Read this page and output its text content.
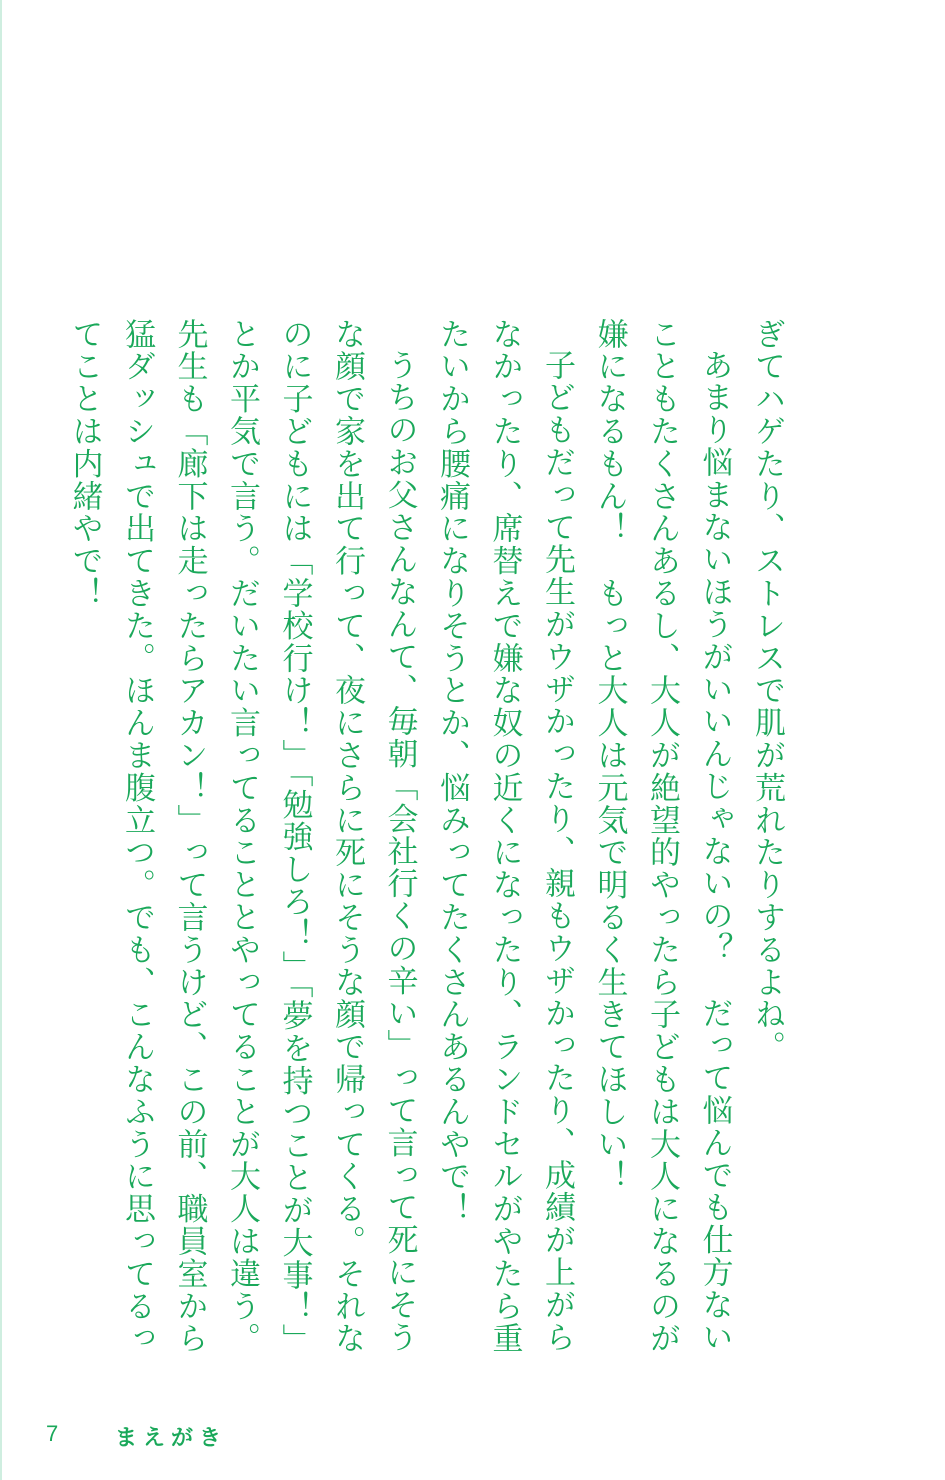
ぎてハゲたり、ストレスで肌が荒れたりするよね。

あまり悩まないほうがいいんじゃないの？　だって悩んでも仕方ないこともたくさんあるし、大人が絶望的やったら子どもは大人になるのが嫌になるもん！　もっと大人は元気で明るく生きてほしい！

子どもだって先生がウザかったり、親もウザかったり、成績が上がらなかったり、席替えで嫌な奴の近くになったり、ランドセルがやたら重たいから腰痛になりそうとか、悩みってたくさんあるんやで！

うちのお父さんなんて、毎朝「会社行くの辛い」って言って死にそうな顔で家を出て行って、夜にさらに死にそうな顔で帰ってくる。それなのに子どもには「学校行け！」「勉強しろ！」「夢を持つことが大事！」とか平気で言う。だいたい言ってることとやってることが大人は違う。先生も「廊下は走ったらアカン！」って言うけど、この前、職員室から猛ダッシュで出てきた。ほんま腹立つ。でも、こんなふうに思ってるってことは内緒やで！

7	まえがき
